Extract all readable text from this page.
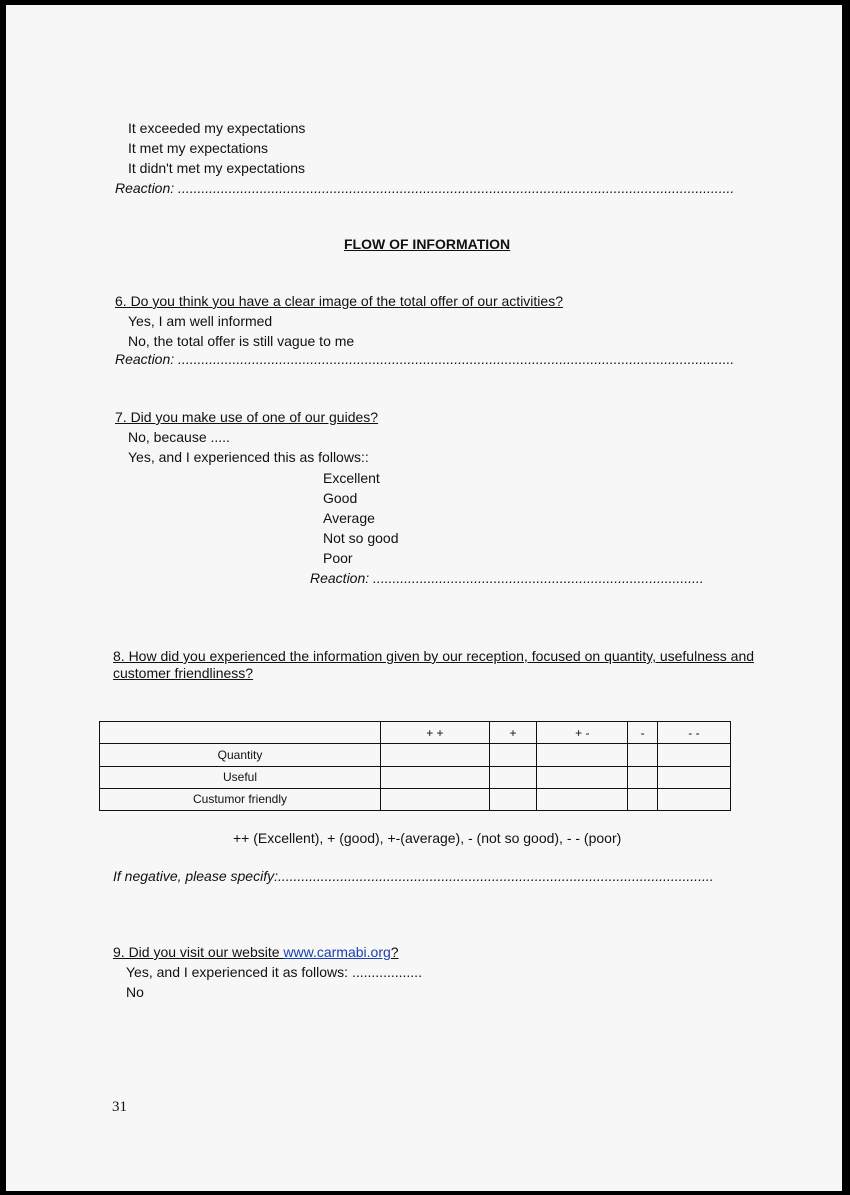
It exceeded my expectations
It met my expectations
It didn't met my expectations
Reaction: ...............................................................................................................................................
FLOW OF INFORMATION
6. Do you think you have a clear image of the total offer of our activities?
Yes, I am well informed
No, the total offer is still vague to me
Reaction: ...............................................................................................................................................
7. Did you make use of one of our guides?
No, because .....
Yes, and I experienced this as follows::
Excellent
Good
Average
Not so good
Poor
Reaction: .....................................................................................
8. How did you experienced the information given by our reception, focused on quantity, usefulness and
customer friendliness?
	+ +	+	+ -	-	- -
Quantity					
Useful					
Custumor friendly					
++ (Excellent), + (good), +-(average), - (not so good), - - (poor)
If negative, please specify:................................................................................................................
9. Did you visit our website www.carmabi.org?
Yes, and I experienced it as follows: ..................
No
31
